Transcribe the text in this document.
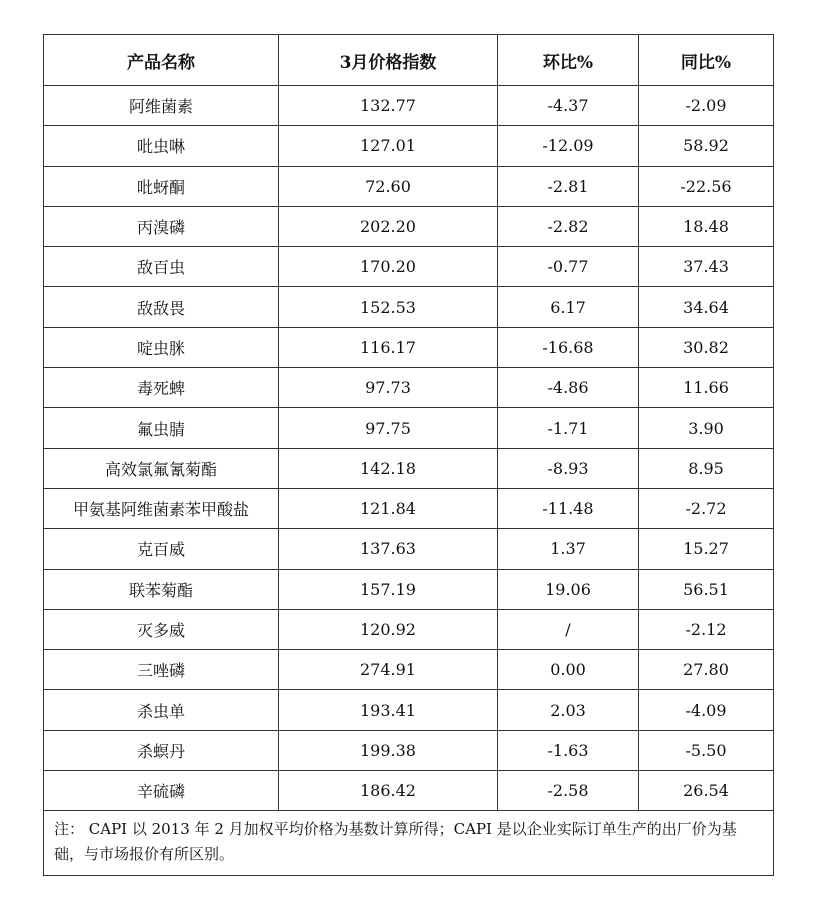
产品名称	3月价格指数	环比%	同比%
阿维菌素	132.77	-4.37	-2.09
吡虫啉	127.01	-12.09	58.92
吡蚜酮	72.60	-2.81	-22.56
丙溴磷	202.20	-2.82	18.48
敌百虫	170.20	-0.77	37.43
敌敌畏	152.53	6.17	34.64
啶虫脒	116.17	-16.68	30.82
毒死蜱	97.73	-4.86	11.66
氟虫腈	97.75	-1.71	3.90
高效氯氟氰菊酯	142.18	-8.93	8.95
甲氨基阿维菌素苯甲酸盐	121.84	-11.48	-2.72
克百威	137.63	1.37	15.27
联苯菊酯	157.19	19.06	56.51
灭多威	120.92	/	-2.12
三唑磷	274.91	0.00	27.80
杀虫单	193.41	2.03	-4.09
杀螟丹	199.38	-1.63	-5.50
辛硫磷	186.42	-2.58	26.54
注： CAPI 以 2013 年 2 月加权平均价格为基数计算所得；CAPI 是以企业实际订单生产的出厂价为基础，与市场报价有所区别。			
